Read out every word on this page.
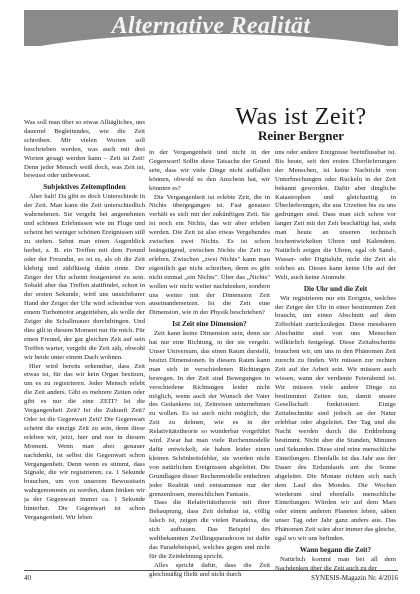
Alternative Realität
Was ist Zeit?
Reiner Bergner

Was soll man über so etwas Alltägliches, uns dauernd Begleitendes, wie die Zeit schreiben. Mir vielen Worten soll beschrieben werden, was auch mit drei Worten gesagt werden kann – Zeit ist Zeit! Denn jeder Mensch weiß doch, was Zeit ist, bewusst oder unbewusst.

Subjektives Zeitempfinden

Aber halt! Da gibt es doch Unterschiede in der Zeit. Man kann die Zeit unterschiedlich wahrnehmen. Sie vergeht bei angenehmen und schönen Erlebnissen wie im Fluge und scheint bei weniger schönen Ereignissen still zu stehen. Sehnt man einen Augenblick herbei, z. B. ein Treffen mit dem Freund oder der Freundin, so ist es, als ob die Zeit klebrig und zähflüssig dahin rinne. Der Zeiger der Uhr scheint festgenietet zu sein. Sobald aber das Treffen stattfindet, schon in der ersten Sekunde, wird uns unsichtbarer Hand der Zeiger der Uhr wird scheinbar von einem Turbomotor angetrieben, als wolle der Zeiger die Schallmauer durchdringen. Und dies gilt in diesem Moment nur für mich. Für einen Freund, der gar gleichen Zeit auf sein Treffen warter, vergeht die Zeit zäh, obwohl wir beide unter einem Dach wohnen.

Hier wird bereits erkennbar, dass Zeit etwas ist, für das wir kein Organ besitzen, um es zu registrieren. Jeder Mensch erlebt die Zeit anders. Gibt es mehrere Zeiten oder gibt es nur die eine ZEIT? Ist die Vergangenheit Zeit? Ist die Zukunft Zeit? Oder ist die Gegenwart Zeit? Die Gegenwart scheint die einzige Zeit zu sein, denn diese erleben wir, jetzt, hier und nur in diesem Moment. Wenn man aber genauer nachdenkt, ist selbst die Gegenwart schon Vergangenheit. Denn wenn es stimmt, dass Signale, die wir registrieren, ca. 1 Sekunde brauchen, um von unserem Bewusstsein wahrgenommen zu werden, dann hinken wir ja der Gegenwart immer ca. 1 Sekunde hinterher. Die Gegenwart ist schon Vergangenheit. Wir leben

in der Vergangenheit und nicht in der Gegenwart! Sollte diese Tatsache der Grund sein, dass wir viele Dinge nicht auffallen können, obwohl es den Anschein hat, wir könnten es?

Die Vergangenheit ist erlebte Zeit, die in Nichts übergegangen ist. Fast genauso verhält es sich mit der zukünftigen Zeit. Sie ist noch ein Nichts, das wir aber erleben werden. Die Zeit ist also etwas Vergehendes zwischen zwei Nichts. Es ist schon beängstigend, zwischen Nichts die Zeit zu erleben. Zwischen „zwei Nichts" kann man eigentlich gar nicht schreiben, denn es gibt nicht einmal „ein Nichts". Über das „Nichts" wollen wir nicht weiter nachdenken, sondern uns weiter mit der Dimension Zeit auseinandersetzen. Ist die Zeit eine Dimension, wie in der Physik beschrieben?

Ist Zeit eine Dimension?

Zeit kann keine Dimension sein, denn sie hat nur eine Richtung, in der sie vergeht. Unser Universum, das einen Raum darstellt, besitzt Dimensionen. In diesem Raum kann man sich in verschiedenen Richtungen bewegen. In der Zeit sind Bewegungen in verschiedene Richtungen leider nicht möglich, wenn auch der Wunsch der Vater des Gedankens ist, Zeitreisen unternehmen zu wollen. Es ist auch nicht möglich, die Zeit zu dehnen, wie es in der Relativitätstheorie so wunderbar vorgeführt wird. Zwar hat man viele Rechenmodelle dafür entwickelt, sie haben leider einen kleinen Schönheitsfehler, sie wurden nicht von natürlichen Ereignissen abgeleitet. Die Grundlagen dieser Rechenmodelle entbehren jeder Realität und entstammen nur der grenzenlosen, menschlichen Fantasie.

Dass die Relativitätstheorie mit ihrer Behauptung, dass Zeit dehnbar ist, völlig falsch ist, zeigen die vielen Paradoxa, die sich aufbauen. Das Beispiel des weltbekannten Zwillingsparadoxon ist dafür das Paradebeispiel, welches gegen und nicht für die Zeitdehnung spricht.

Alles spricht dafür, dass die Zeit gleichmäßig fließt und nicht durch

uns oder andere Ereignisse beeinflussbar ist. Bis heute, seit den ersten Überlieferungen der Menschen, ist keine Nachricht von Unterbrechungen oder Ruckeln in der Zeit bekannt geworden. Dafür aber dingliche Katastrophen und gleichzeitig in Überlieferungen, die aus Urzeiten bis zu uns gedrungen sind. Dass man sich schon vor langer Zeit mit der Zeit beschäftigt hat, sieht man heute an unseren technisch hochentwickelten Uhren und Kalendern. Natürlich zeigen die Uhren, egal ob Sand-, Wasser- oder Digitaluhr, nicht die Zeit als solches an. Dieses kann keine Uhr auf der Welt, auch keine Atomuhr.

Die Uhr und die Zeit

Wir registrieren nur ein Ereignis, welches der Zeiger der Uhr in einer bestimmten Zeit braucht, um einen Abschnitt auf dem Zifferblatt zurückzulegen. Diese messbaren Abschnitte sind von uns Menschen willkürlich festgelegt. Diese Zeitabschnitte brauchen wir, um uns in den Phänomen Zeit zurecht zu finden. Wir müssen zur rechten Zeit auf der Arbeit sein. Wir müssen auch wissen, wann der verdiente Feierabend ist. Wir müssen viele andere Dinge zu bestimmten Zeiten tun, damit unsere Gesellschaft funktioniert. Einige Zeitabschnitte sind jedoch an der Natur erlebbar oder abgeleitet. Der Tag und die Nacht werden durch die Erddrehung bestimmt. Nicht aber die Stunden, Minuten und Sekunden. Diese sind reine menschliche Einteilungen. Ebenfalls ist das Jahr aus der Dauer des Erdumlaufs um die Sonne abgeleitet. Die Monate richten sich nach dem Lauf des Mondes. Die Wochen wiederum sind ebenfalls menschliche Einteilungen. Würden wir auf dem Mars oder einem anderen Planeten leben, säben unser Tag oder Jahr ganz anders aus. Das Phänomen Zeit wäre aber immer das gleiche, egal wo wir uns befinden.

Wann begann die Zeit?

Natürlich kommt man bei all dem Nachdenken über die Zeit auch zu der

40	SYNESIS-Magazin Nr. 4/2016
